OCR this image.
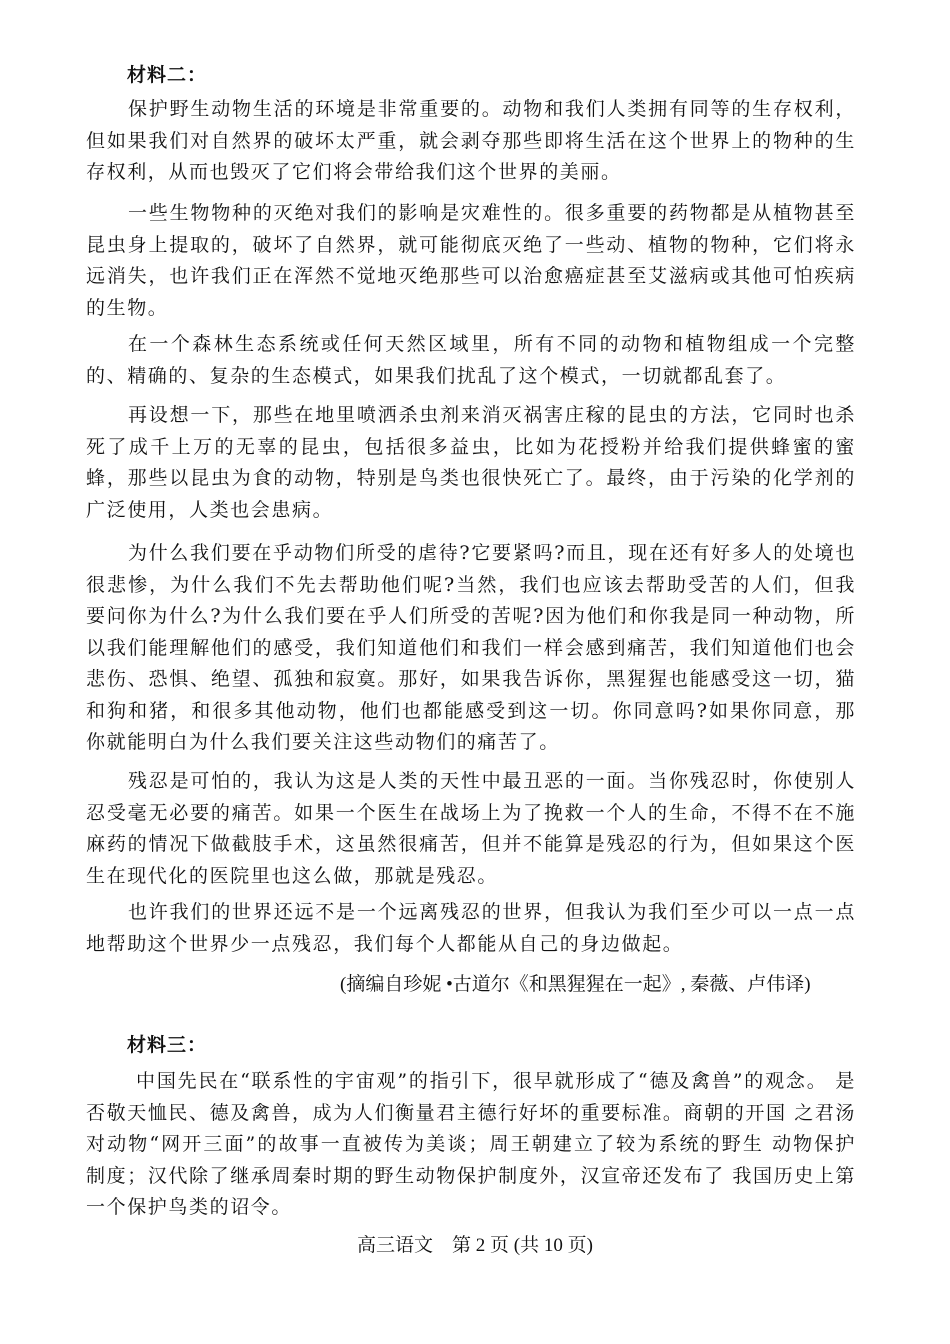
材料二：

保护野生动物生活的环境是非常重要的。动物和我们人类拥有同等的生存权利，但如果我们对自然界的破坏太严重，就会剥夺那些即将生活在这个世界上的物种的生存权利，从而也毁灭了它们将会带给我们这个世界的美丽。

一些生物物种的灭绝对我们的影响是灾难性的。很多重要的药物都是从植物甚至昆虫身上提取的，破坏了自然界，就可能彻底灭绝了一些动、植物的物种，它们将永远消失，也许我们正在浑然不觉地灭绝那些可以治愈癌症甚至艾滋病或其他可怕疾病的生物。

在一个森林生态系统或任何天然区域里，所有不同的动物和植物组成一个完整的、精确的、复杂的生态模式，如果我们扰乱了这个模式，一切就都乱套了。

再设想一下，那些在地里喷洒杀虫剂来消灭祸害庄稼的昆虫的方法，它同时也杀死了成千上万的无辜的昆虫，包括很多益虫，比如为花授粉并给我们提供蜂蜜的蜜蜂，那些以昆虫为食的动物，特别是鸟类也很快死亡了。最终，由于污染的化学剂的广泛使用，人类也会患病。

为什么我们要在乎动物们所受的虐待?它要紧吗?而且，现在还有好多人的处境也很悲惨，为什么我们不先去帮助他们呢?当然，我们也应该去帮助受苦的人们，但我要问你为什么?为什么我们要在乎人们所受的苦呢?因为他们和你我是同一种动物，所以我们能理解他们的感受，我们知道他们和我们一样会感到痛苦，我们知道他们也会悲伤、恐惧、绝望、孤独和寂寞。那好，如果我告诉你，黑猩猩也能感受这一切，猫和狗和猪，和很多其他动物，他们也都能感受到这一切。你同意吗?如果你同意，那你就能明白为什么我们要关注这些动物们的痛苦了。

残忍是可怕的，我认为这是人类的天性中最丑恶的一面。当你残忍时，你使别人忍受毫无必要的痛苦。如果一个医生在战场上为了挽救一个人的生命，不得不在不施麻药的情况下做截肢手术，这虽然很痛苦，但并不能算是残忍的行为，但如果这个医生在现代化的医院里也这么做，那就是残忍。

也许我们的世界还远不是一个远离残忍的世界，但我认为我们至少可以一点一点地帮助这个世界少一点残忍，我们每个人都能从自己的身边做起。

(摘编自珍妮 •古道尔《和黑猩猩在一起》, 秦薇、卢伟译)

材料三：

中国先民在“联系性的宇宙观”的指引下，很早就形成了“德及禽兽”的观念。 是否敬天恤民、德及禽兽，成为人们衡量君主德行好坏的重要标准。商朝的开国 之君汤对动物“网开三面”的故事一直被传为美谈；周王朝建立了较为系统的野生 动物保护制度；汉代除了继承周秦时期的野生动物保护制度外，汉宣帝还发布了 我国历史上第一个保护鸟类的诏令。

高三语文　第 2 页 (共 10 页)
